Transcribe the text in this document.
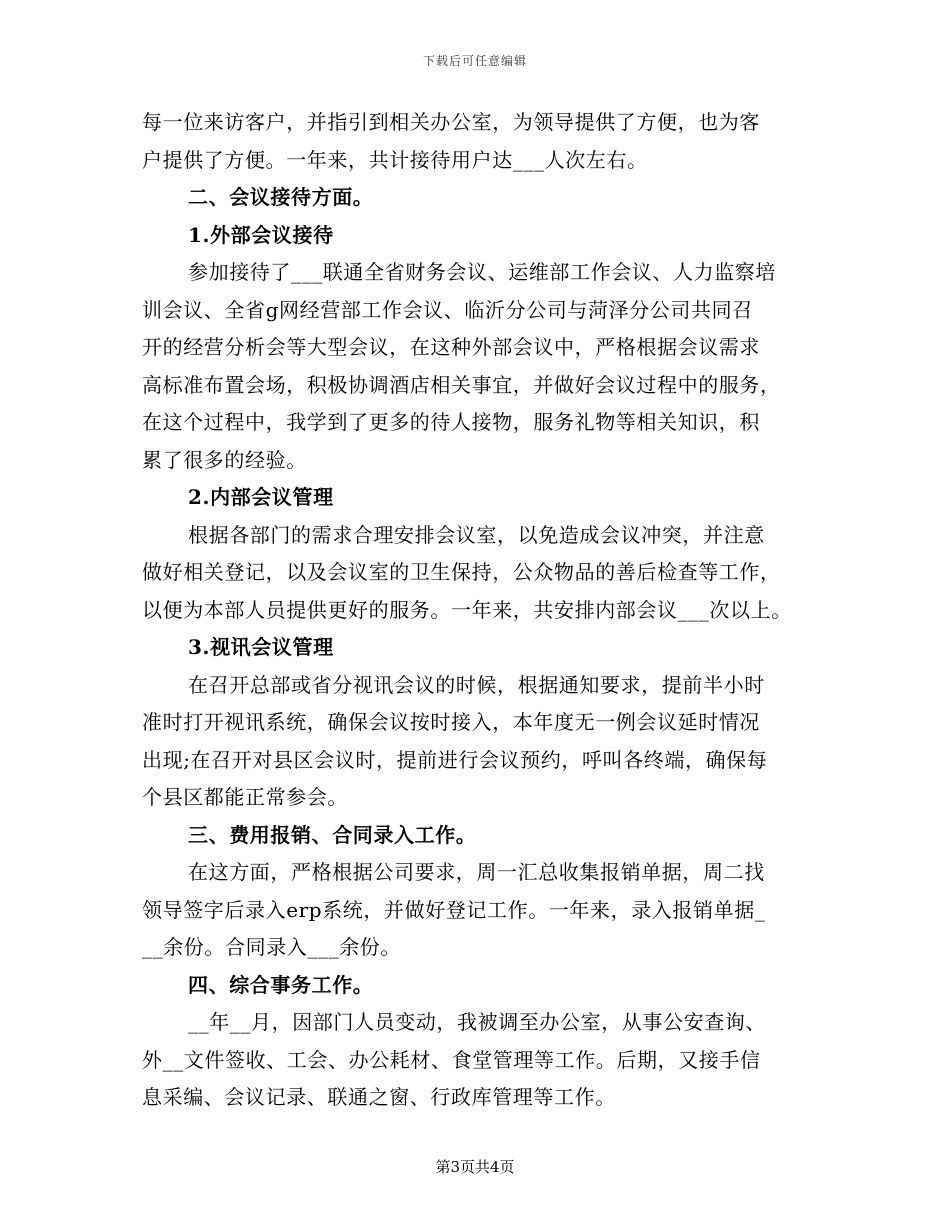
下载后可任意编辑
每一位来访客户，并指引到相关办公室，为领导提供了方便，也为客
户提供了方便。一年来，共计接待用户达___人次左右。
二、会议接待方面。
1.外部会议接待
参加接待了___联通全省财务会议、运维部工作会议、人力监察培
训会议、全省g网经营部工作会议、临沂分公司与菏泽分公司共同召
开的经营分析会等大型会议，在这种外部会议中，严格根据会议需求
高标准布置会场，积极协调酒店相关事宜，并做好会议过程中的服务，
在这个过程中，我学到了更多的待人接物，服务礼物等相关知识，积
累了很多的经验。
2.内部会议管理
根据各部门的需求合理安排会议室，以免造成会议冲突，并注意
做好相关登记，以及会议室的卫生保持，公众物品的善后检查等工作，
以便为本部人员提供更好的服务。一年来，共安排内部会议___次以上。
3.视讯会议管理
在召开总部或省分视讯会议的时候，根据通知要求，提前半小时
准时打开视讯系统，确保会议按时接入，本年度无一例会议延时情况
出现;在召开对县区会议时，提前进行会议预约，呼叫各终端，确保每
个县区都能正常参会。
三、费用报销、合同录入工作。
在这方面，严格根据公司要求，周一汇总收集报销单据，周二找
领导签字后录入erp系统，并做好登记工作。一年来，录入报销单据_
__余份。合同录入___余份。
四、综合事务工作。
__年__月，因部门人员变动，我被调至办公室，从事公安查询、
外__文件签收、工会、办公耗材、食堂管理等工作。后期，又接手信
息采编、会议记录、联通之窗、行政库管理等工作。
第3页共4页
